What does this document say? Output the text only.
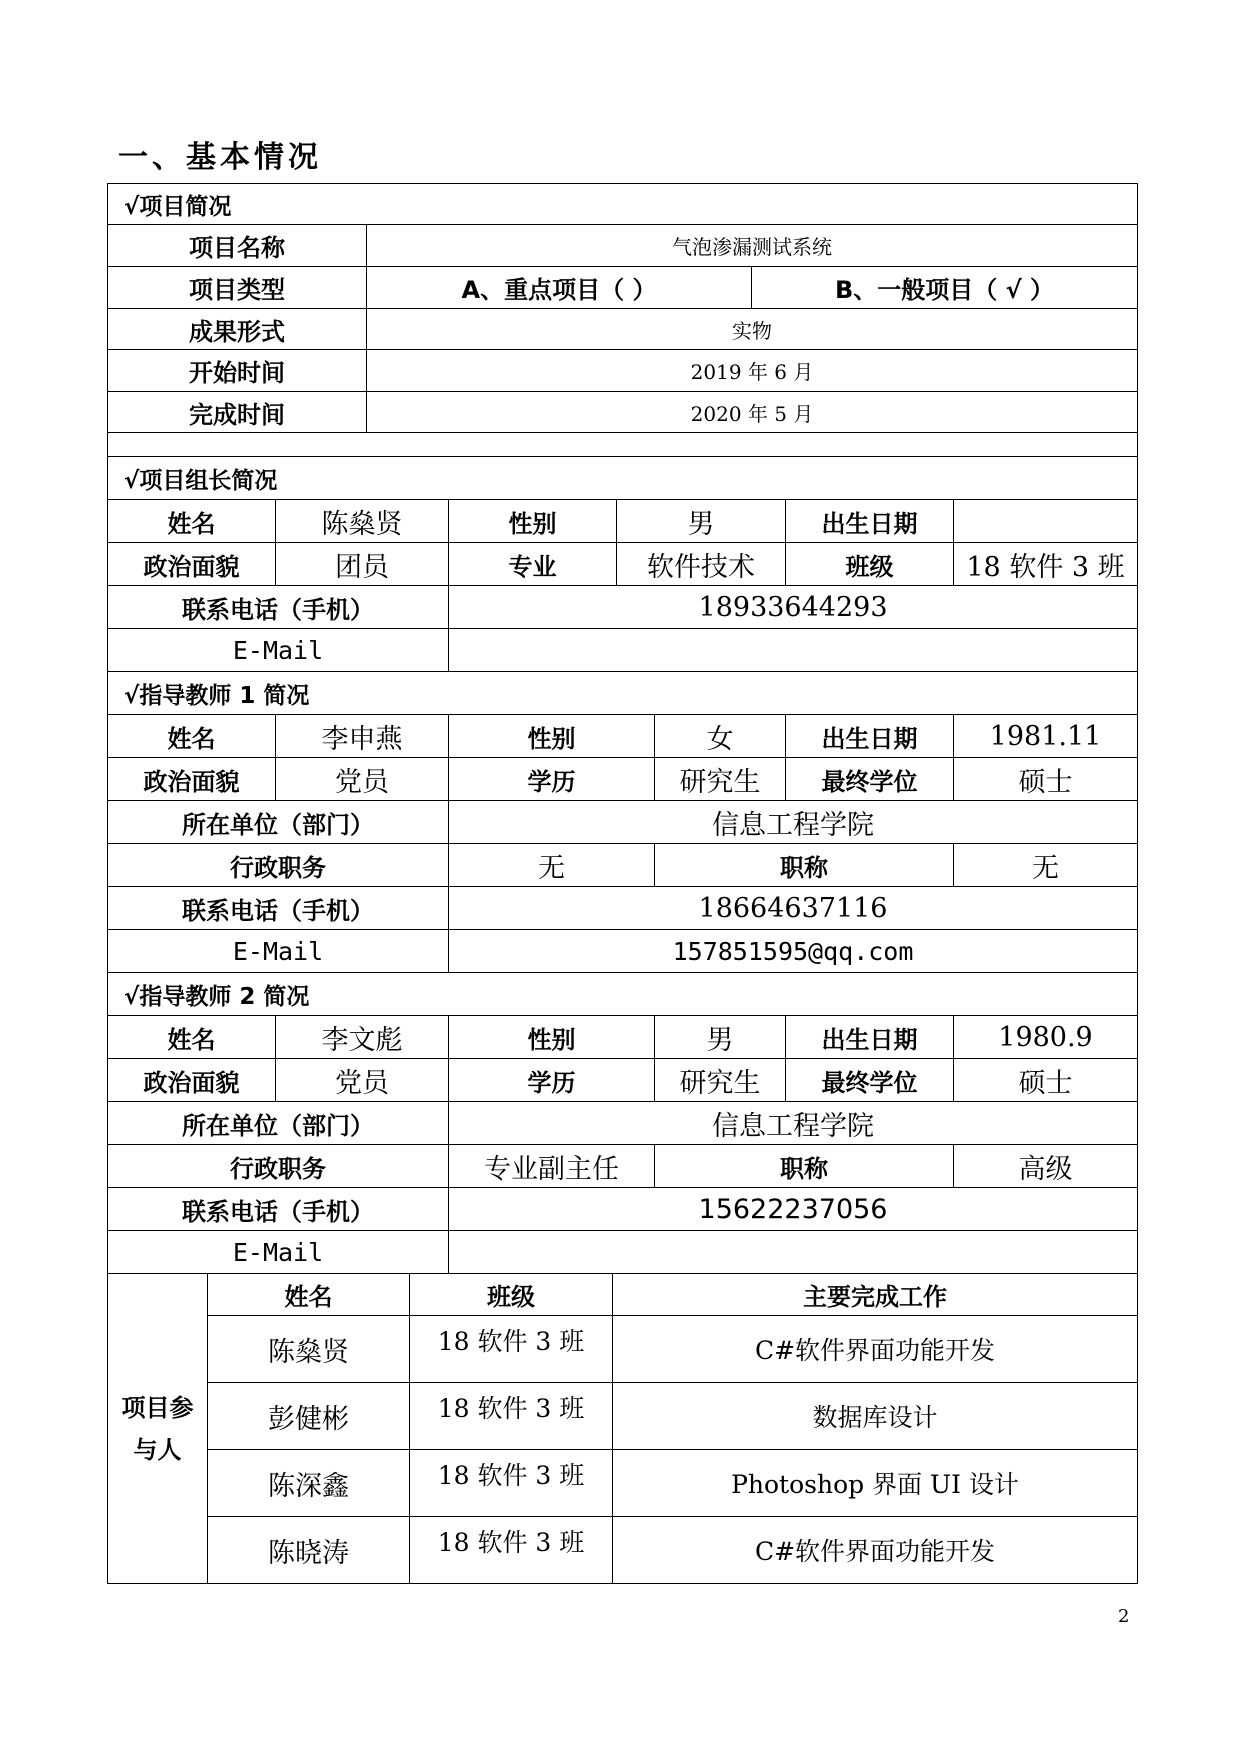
一、基本情况
√项目简况		
项目名称	气泡渗漏测试系统	
项目类型	A、重点项目（ ）	B、一般项目（ √ ）
成果形式	实物	
开始时间	2019 年 6 月	
完成时间	2020 年 5 月	

√项目组长简况					
姓名	陈燊贤	性别	男	出生日期	
政治面貌	团员	专业	软件技术	班级	18 软件 3 班
联系电话（手机）		18933644293			
E-Mail					
√指导教师 1 简况					
姓名	李申燕	性别	女	出生日期	1981.11
政治面貌	党员	学历	研究生	最终学位	硕士
所在单位（部门）		信息工程学院			
行政职务		无	职称		无
联系电话（手机）		18664637116			
E-Mail		157851595@qq.com			
√指导教师 2 简况					
姓名	李文彪	性别	男	出生日期	1980.9
政治面貌	党员	学历	研究生	最终学位	硕士
所在单位（部门）		信息工程学院			
行政职务		专业副主任	职称		高级
联系电话（手机）		15622237056			
E-Mail					
项目参与人	姓名	班级	主要完成工作
	陈燊贤	18 软件 3 班	C#软件界面功能开发
	彭健彬	18 软件 3 班	数据库设计
	陈深鑫	18 软件 3 班	Photoshop 界面 UI 设计
	陈晓涛	18 软件 3 班	C#软件界面功能开发
2
